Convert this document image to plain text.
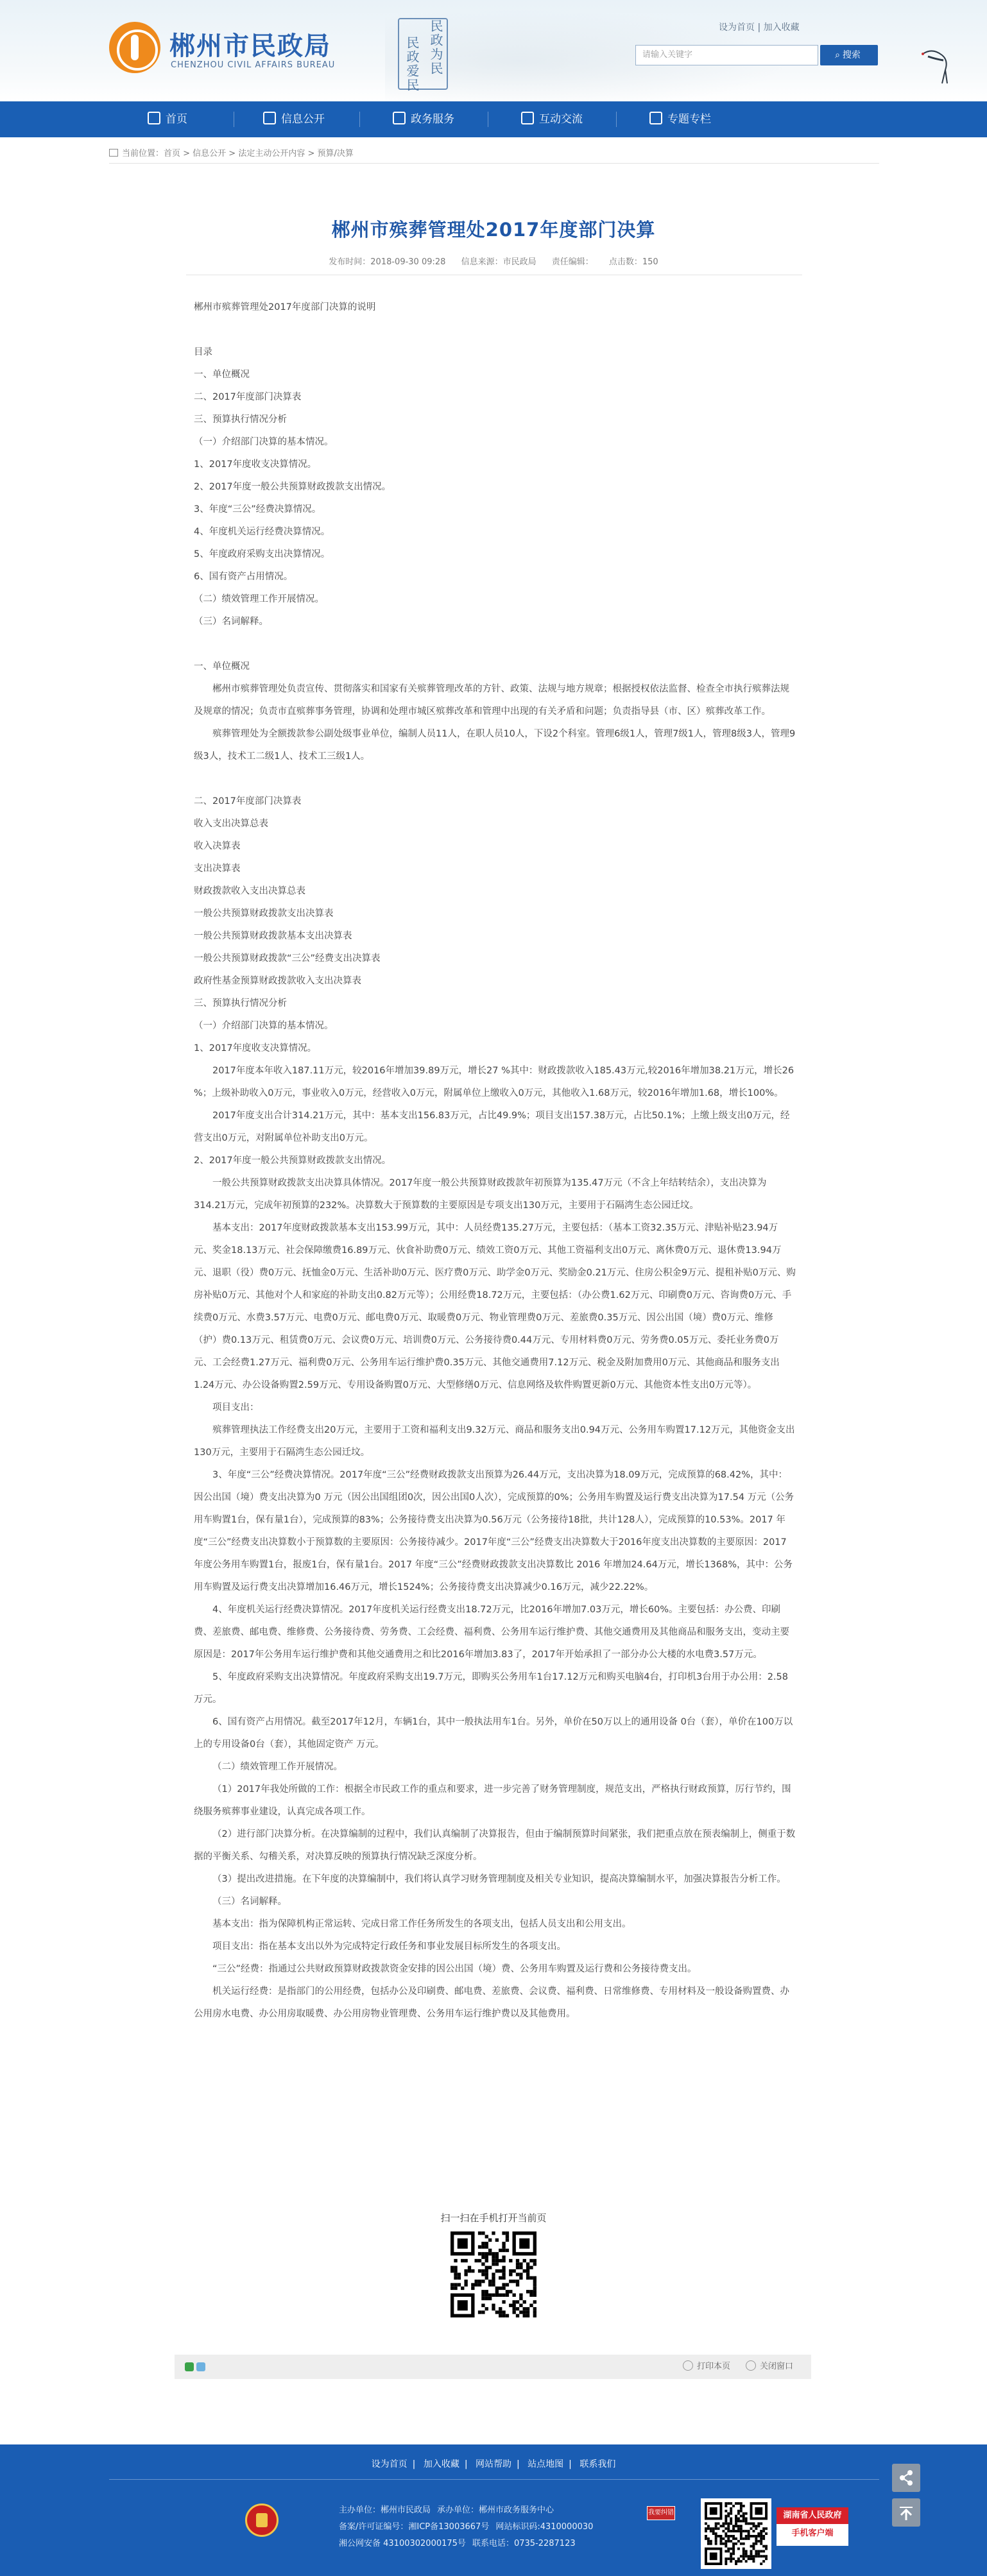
郴州市民政局
CHENZHOU CIVIL AFFAIRS BUREAU	民政为民
民政爱民
设为首页 | 加入收藏
请输入关键字	⌕ 搜索
首页	信息公开	政务服务	互动交流	专题专栏
当前位置：首页 > 信息公开 > 法定主动公开内容 > 预算/决算
郴州市殡葬管理处2017年度部门决算
发布时间：2018-09-30 09:28 信息来源：市民政局 责任编辑： 点击数：150

郴州市殡葬管理处2017年度部门决算的说明

目录

一、单位概况

二、2017年度部门决算表

三、预算执行情况分析

（一）介绍部门决算的基本情况。

1、2017年度收支决算情况。

2、2017年度一般公共预算财政拨款支出情况。

3、年度“三公”经费决算情况。

4、年度机关运行经费决算情况。

5、年度政府采购支出决算情况。

6、国有资产占用情况。

（二）绩效管理工作开展情况。

（三）名词解释。

一、单位概况

郴州市殡葬管理处负责宣传、贯彻落实和国家有关殡葬管理改革的方针、政策、法规与地方规章；根据授权依法监督、检查全市执行殡葬法规及规章的情况；负责市直殡葬事务管理，协调和处理市城区殡葬改革和管理中出现的有关矛盾和问题；负责指导县（市、区）殡葬改革工作。

殡葬管理处为全额拨款参公副处级事业单位，编制人员11人，在职人员10人，下设2个科室。管理6级1人，管理7级1人，管理8级3人，管理9级3人，技术工二级1人、技术工三级1人。

二、2017年度部门决算表

收入支出决算总表

收入决算表

支出决算表

财政拨款收入支出决算总表

一般公共预算财政拨款支出决算表

一般公共预算财政拨款基本支出决算表

一般公共预算财政拨款“三公”经费支出决算表

政府性基金预算财政拨款收入支出决算表

三、预算执行情况分析

（一）介绍部门决算的基本情况。

1、2017年度收支决算情况。

2017年度本年收入187.11万元，较2016年增加39.89万元，增长27 %其中：财政拨款收入185.43万元,较2016年增加38.21万元，增长26 %；上级补助收入0万元，事业收入0万元，经营收入0万元，附属单位上缴收入0万元，其他收入1.68万元，较2016年增加1.68，增长100%。

2017年度支出合计314.21万元，其中：基本支出156.83万元，占比49.9%；项目支出157.38万元，占比50.1%；上缴上级支出0万元，经营支出0万元，对附属单位补助支出0万元。

2、2017年度一般公共预算财政拨款支出情况。

一般公共预算财政拨款支出决算具体情况。2017年度一般公共预算财政拨款年初预算为135.47万元（不含上年结转结余），支出决算为314.21万元，完成年初预算的232%。决算数大于预算数的主要原因是专项支出130万元，主要用于石隔湾生态公园迁坟。

基本支出：2017年度财政拨款基本支出153.99万元，其中：人员经费135.27万元，主要包括：（基本工资32.35万元、津贴补贴23.94万元、奖金18.13万元、社会保障缴费16.89万元、伙食补助费0万元、绩效工资0万元、其他工资福利支出0万元、离休费0万元、退休费13.94万元、退职（役）费0万元、抚恤金0万元、生活补助0万元、医疗费0万元、助学金0万元、奖励金0.21万元、住房公积金9万元、提租补贴0万元、购房补贴0万元、其他对个人和家庭的补助支出0.82万元等）；公用经费18.72万元，主要包括：（办公费1.62万元、印刷费0万元、咨询费0万元、手续费0万元、水费3.57万元、电费0万元、邮电费0万元、取暖费0万元、物业管理费0万元、差旅费0.35万元、因公出国（境）费0万元、维修（护）费0.13万元、租赁费0万元、会议费0万元、培训费0万元、公务接待费0.44万元、专用材料费0万元、劳务费0.05万元、委托业务费0万元、工会经费1.27万元、福利费0万元、公务用车运行维护费0.35万元、其他交通费用7.12万元、税金及附加费用0万元、其他商品和服务支出1.24万元、办公设备购置2.59万元、专用设备购置0万元、大型修缮0万元、信息网络及软件购置更新0万元、其他资本性支出0万元等）。

项目支出：

殡葬管理执法工作经费支出20万元，主要用于工资和福利支出9.32万元、商品和服务支出0.94万元、公务用车购置17.12万元，其他资金支出130万元，主要用于石隔湾生态公园迁坟。

3、年度“三公”经费决算情况。2017年度“三公”经费财政拨款支出预算为26.44万元，支出决算为18.09万元，完成预算的68.42%，其中：因公出国（境）费支出决算为0 万元（因公出国组团0次，因公出国0人次），完成预算的0%；公务用车购置及运行费支出决算为17.54 万元（公务用车购置1台，保有量1台），完成预算的83%；公务接待费支出决算为0.56万元（公务接待18批，共计128人），完成预算的10.53%。2017 年度“三公”经费支出决算数小于预算数的主要原因：公务接待减少。2017年度“三公”经费支出决算数大于2016年度支出决算数的主要原因：2017年度公务用车购置1台，报废1台，保有量1台。2017 年度“三公”经费财政拨款支出决算数比 2016 年增加24.64万元，增长1368%，其中：公务用车购置及运行费支出决算增加16.46万元，增长1524%；公务接待费支出决算减少0.16万元，减少22.22%。

4、年度机关运行经费决算情况。2017年度机关运行经费支出18.72万元，比2016年增加7.03万元，增长60%。主要包括：办公费、印刷费、差旅费、邮电费、维修费、公务接待费、劳务费、工会经费、福利费、公务用车运行维护费、其他交通费用及其他商品和服务支出，变动主要原因是：2017年公务用车运行维护费和其他交通费用之和比2016年增加3.83了，2017年开始承担了一部分办公大楼的水电费3.57万元。

5、年度政府采购支出决算情况。年度政府采购支出19.7万元，即购买公务用车1台17.12万元和购买电脑4台，打印机3台用于办公用：2.58万元。

6、国有资产占用情况。截至2017年12月，车辆1台，其中一般执法用车1台。另外，单价在50万以上的通用设备 0台（套），单价在100万以上的专用设备0台（套），其他固定资产 万元。

（二）绩效管理工作开展情况。

（1）2017年我处所做的工作：根据全市民政工作的重点和要求，进一步完善了财务管理制度，规范支出，严格执行财政预算，厉行节约，围绕服务殡葬事业建设，认真完成各项工作。

（2）进行部门决算分析。在决算编制的过程中，我们认真编制了决算报告，但由于编制预算时间紧张，我们把重点放在预表编制上，侧重于数据的平衡关系、勾稽关系，对决算反映的预算执行情况缺乏深度分析。

（3）提出改进措施。在下年度的决算编制中，我们将认真学习财务管理制度及相关专业知识，提高决算编制水平，加强决算报告分析工作。

（三）名词解释。

基本支出：指为保障机构正常运转、完成日常工作任务所发生的各项支出，包括人员支出和公用支出。

项目支出：指在基本支出以外为完成特定行政任务和事业发展目标所发生的各项支出。

“三公”经费：指通过公共财政预算财政拨款资金安排的因公出国（境）费、公务用车购置及运行费和公务接待费支出。

机关运行经费：是指部门的公用经费，包括办公及印刷费、邮电费、差旅费、会议费、福利费、日常维修费、专用材料及一般设备购置费、办公用房水电费、办公用房取暖费、办公用房物业管理费、公务用车运行维护费以及其他费用。

扫一扫在手机打开当前页
打印本页	关闭窗口
设为首页 | 加入收藏 | 网站帮助 | 站点地图 | 联系我们
主办单位：郴州市民政局 承办单位：郴州市政务服务中心
备案/许可证编号：湘ICP备13003667号 网站标识码:4310000030
湘公网安备 43100302000175号 联系电话：0735-2287123
我要纠错	湖南省人民政府
手机客户端
